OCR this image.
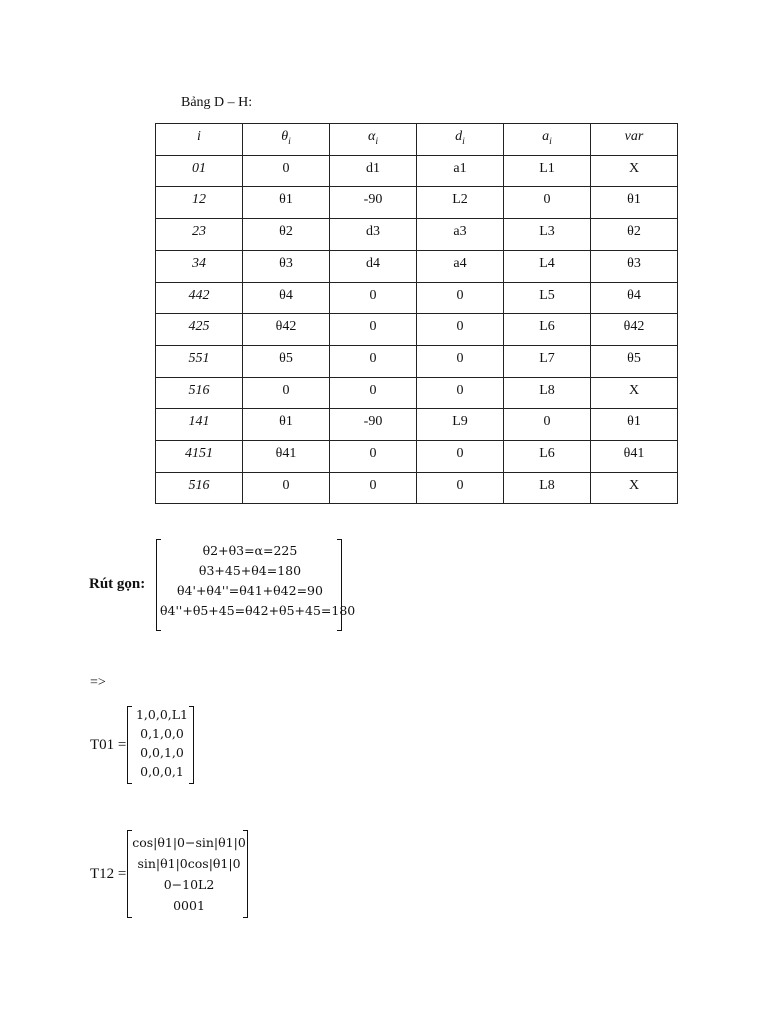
Bảng D – H:
i	$\theta_i$	$\alpha_i$	$d_i$	$a_i$	var
01	0	d1	a1	L1	X
12	θ1	-90	L2	0	θ1
23	θ2	d3	a3	L3	θ2
34	θ3	d4	a4	L4	θ3
442	θ4	0	0	L5	θ4
425	θ42	0	0	L6	θ42
551	θ5	0	0	L7	θ5
516	0	0	0	L8	X
141	θ1	-90	L9	0	θ1
4151	θ41	0	0	L6	θ41
516	0	0	0	L8	X
Rút gọn:
θ2+θ3=α=225
θ3+45+θ4=180
θ4'+θ4''=θ41+θ42=90
θ4''+θ5+45=θ42+θ5+45=180
=>
T01 =
1,0,0,L1
0,1,0,0
0,0,1,0
0,0,0,1
T12 =
cos|θ1|0−sin|θ1|0
sin|θ1|0cos|θ1|0
0−10L2
0001
